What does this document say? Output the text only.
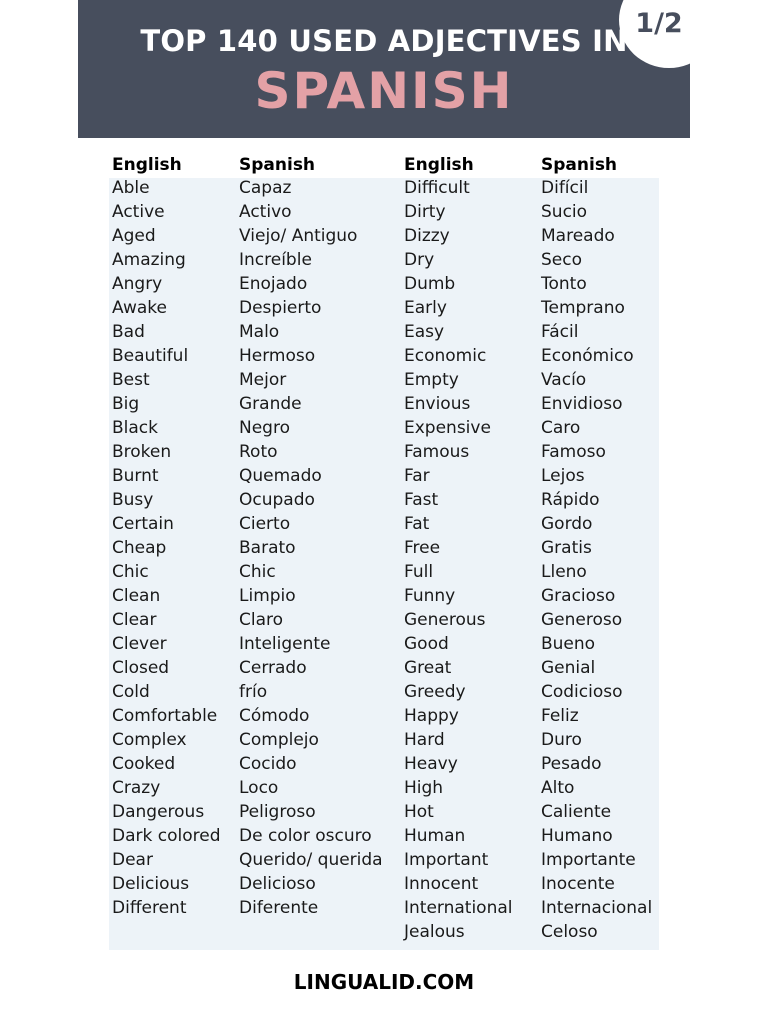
1/2
TOP 140 USED ADJECTIVES IN
SPANISH
English
Able
Active
Aged
Amazing
Angry
Awake
Bad
Beautiful
Best
Big
Black
Broken
Burnt
Busy
Certain
Cheap
Chic
Clean
Clear
Clever
Closed
Cold
Comfortable
Complex
Cooked
Crazy
Dangerous
Dark colored
Dear
Delicious
Different
Spanish
Capaz
Activo
Viejo/ Antiguo
Increíble
Enojado
Despierto
Malo
Hermoso
Mejor
Grande
Negro
Roto
Quemado
Ocupado
Cierto
Barato
Chic
Limpio
Claro
Inteligente
Cerrado
frío
Cómodo
Complejo
Cocido
Loco
Peligroso
De color oscuro
Querido/ querida
Delicioso
Diferente
English
Difficult
Dirty
Dizzy
Dry
Dumb
Early
Easy
Economic
Empty
Envious
Expensive
Famous
Far
Fast
Fat
Free
Full
Funny
Generous
Good
Great
Greedy
Happy
Hard
Heavy
High
Hot
Human
Important
Innocent
International
Jealous
Spanish
Difícil
Sucio
Mareado
Seco
Tonto
Temprano
Fácil
Económico
Vacío
Envidioso
Caro
Famoso
Lejos
Rápido
Gordo
Gratis
Lleno
Gracioso
Generoso
Bueno
Genial
Codicioso
Feliz
Duro
Pesado
Alto
Caliente
Humano
Importante
Inocente
Internacional
Celoso
LINGUALID.COM
